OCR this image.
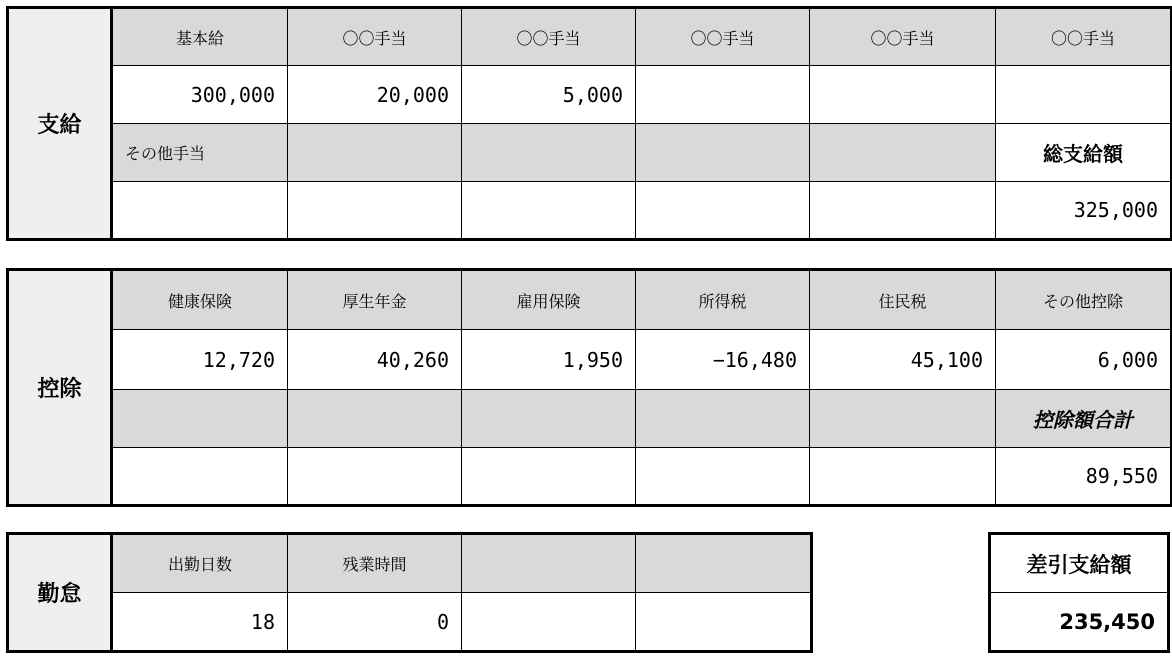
支給	基本給	〇〇手当	〇〇手当	〇〇手当	〇〇手当	〇〇手当
	300,000	20,000	5,000			
	その他手当					総支給額
						325,000
控除	健康保険	厚生年金	雇用保険	所得税	住民税	その他控除
	12,720	40,260	1,950	−16,480	45,100	6,000
						控除額合計
						89,550
勤怠	出勤日数	残業時間		
	18	0		
差引支給額
235,450
